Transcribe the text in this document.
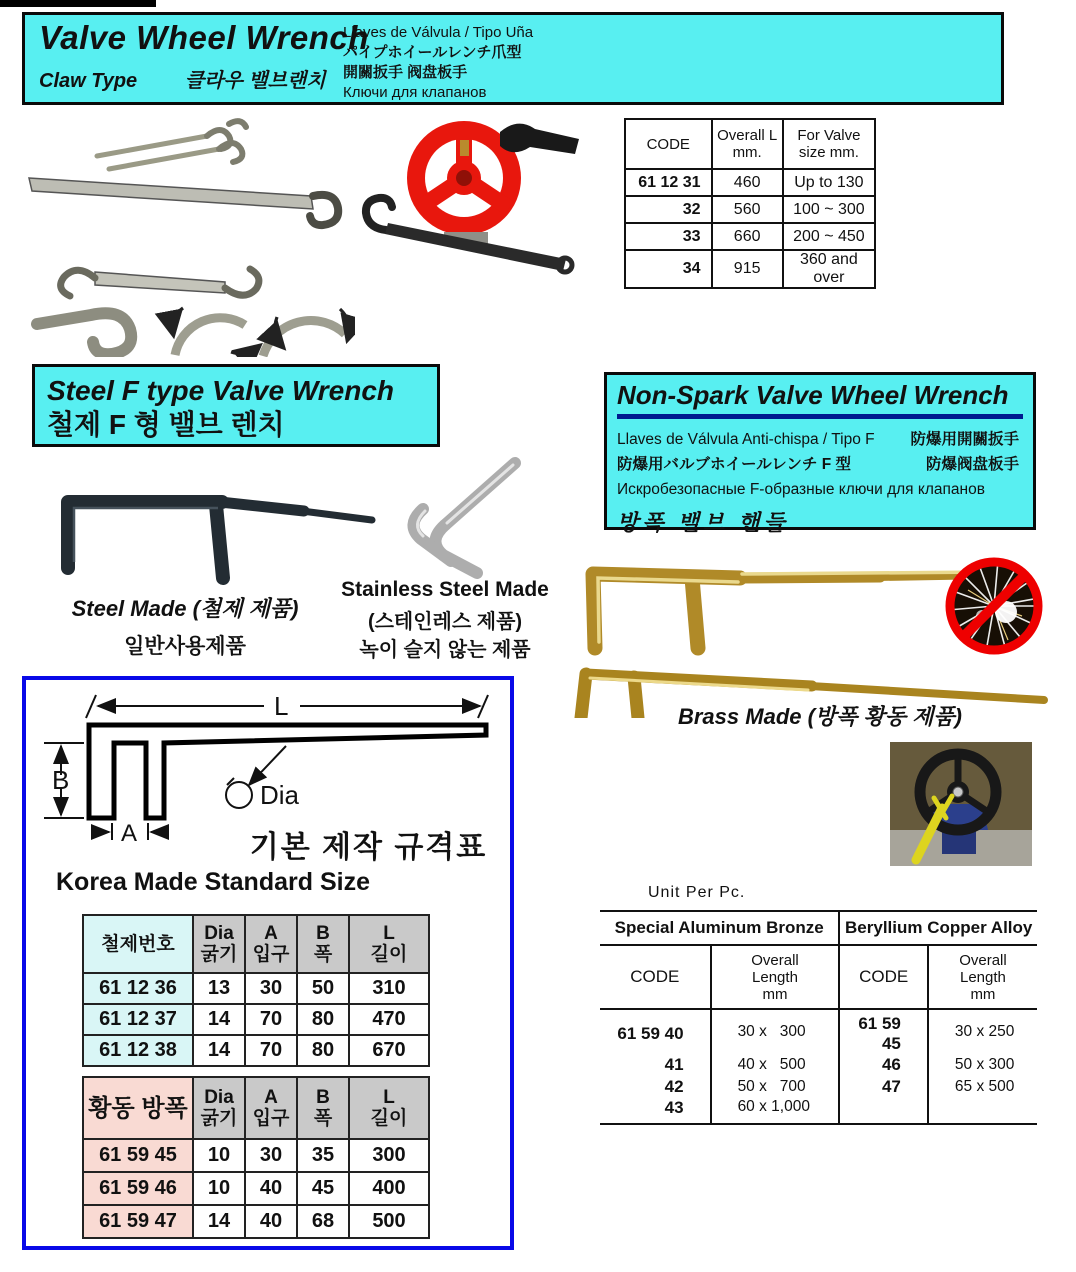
Valve Wheel Wrench
Claw Type 클라우 밸브랜치
Llaves de Válvula / Tipo Uña
パイプホイールレンチ爪型
開關扳手 阀盘板手
Ключи для клапанов
CODE	Overall L
mm.

For Valve
size mm.

61 12 31	460	Up to 130
32	560	100 ~ 300
33	660	200 ~ 450
34	915	360 and over
Steel F type Valve Wrench
철제 F 형 밸브 렌치
Non-Spark Valve Wheel Wrench
Llaves de Válvula Anti-chispa / Tipo F 防爆用開關扳手
防爆用バルブホイールレンチ F 型	防爆阀盘板手
Искробезопасные F-образные ключи для клапанов
방폭 밸브 핸들
Steel Made (철제 제품)
일반사용제품
Stainless Steel Made
(스테인레스 제품)
녹이 슬지 않는 제품
Brass Made (방폭 황동 제품)
L
B
A
Dia
기본 제작 규격표
Korea Made Standard Size
철제번호	Dia
굵기

A
입구

B
폭

L
길이

61 12 36	13	30	50	310
61 12 37	14	70	80	470
61 12 38	14	70	80	670
황동 방폭	Dia
굵기

A
입구

B
폭

L
길이

61 59 45	10	30	35	300
61 59 46	10	40	45	400
61 59 47	14	40	68	500
Unit Per Pc.
Special Aluminum Bronze		Beryllium Copper Alloy	
CODE	
Overall
Length
mm
	CODE	
Overall
Length
mm

61 59 40	30 x   300	61 59 45	30 x 250
41	40 x   500	46	50 x 300
42	50 x   700	47	65 x 500
43	60 x 1,000		
